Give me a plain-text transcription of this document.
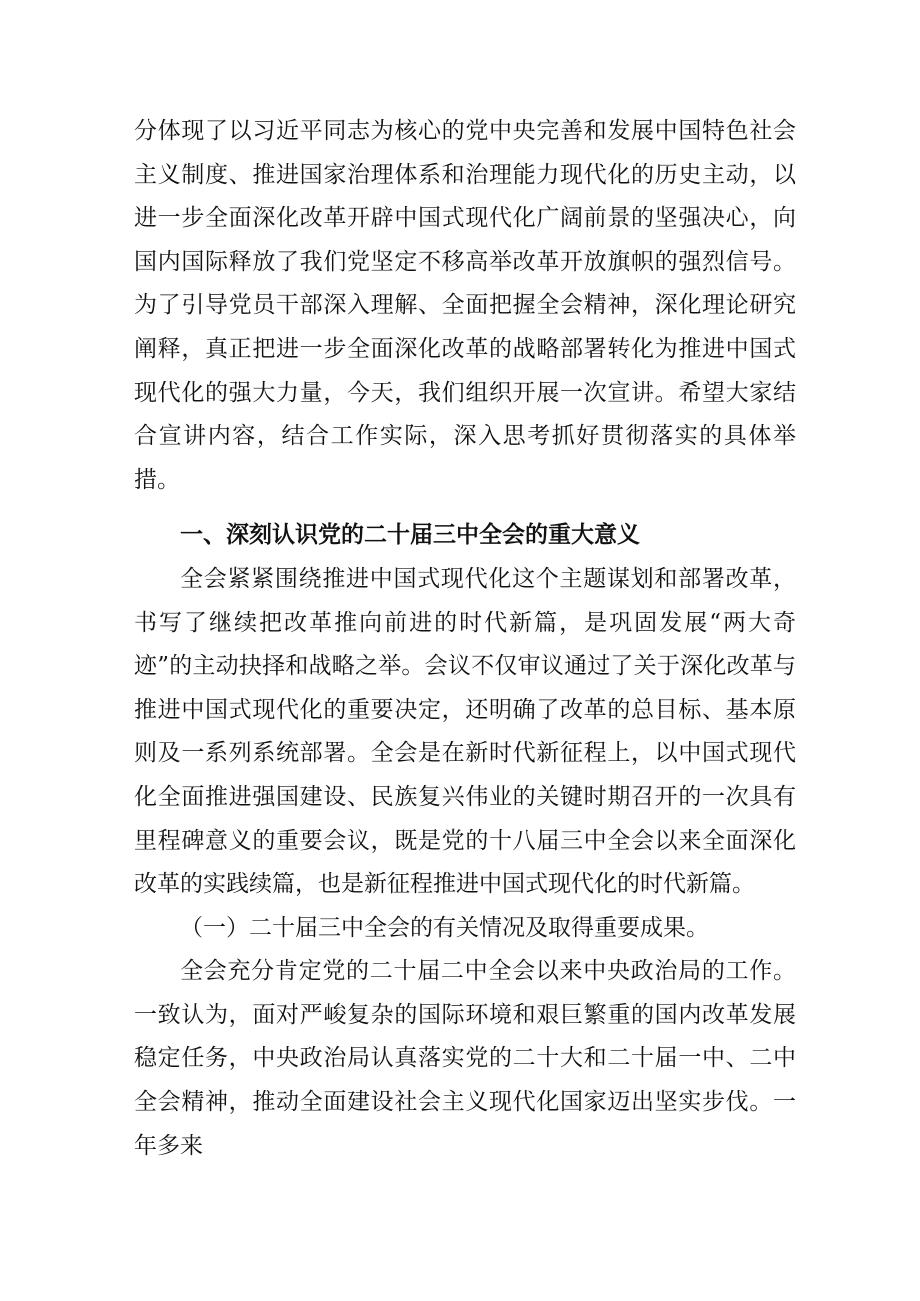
分体现了以习近平同志为核心的党中央完善和发展中国特色社会主义制度、推进国家治理体系和治理能力现代化的历史主动，以进一步全面深化改革开辟中国式现代化广阔前景的坚强决心，向国内国际释放了我们党坚定不移高举改革开放旗帜的强烈信号。为了引导党员干部深入理解、全面把握全会精神，深化理论研究阐释，真正把进一步全面深化改革的战略部署转化为推进中国式现代化的强大力量，今天，我们组织开展一次宣讲。希望大家结合宣讲内容，结合工作实际，深入思考抓好贯彻落实的具体举措。

一、深刻认识党的二十届三中全会的重大意义

全会紧紧围绕推进中国式现代化这个主题谋划和部署改革，书写了继续把改革推向前进的时代新篇，是巩固发展“两大奇迹”的主动抉择和战略之举。会议不仅审议通过了关于深化改革与推进中国式现代化的重要决定，还明确了改革的总目标、基本原则及一系列系统部署。全会是在新时代新征程上，以中国式现代化全面推进强国建设、民族复兴伟业的关键时期召开的一次具有里程碑意义的重要会议，既是党的十八届三中全会以来全面深化改革的实践续篇，也是新征程推进中国式现代化的时代新篇。

（一）二十届三中全会的有关情况及取得重要成果。

全会充分肯定党的二十届二中全会以来中央政治局的工作。一致认为，面对严峻复杂的国际环境和艰巨繁重的国内改革发展稳定任务，中央政治局认真落实党的二十大和二十届一中、二中全会精神，推动全面建设社会主义现代化国家迈出坚实步伐。一年多来
